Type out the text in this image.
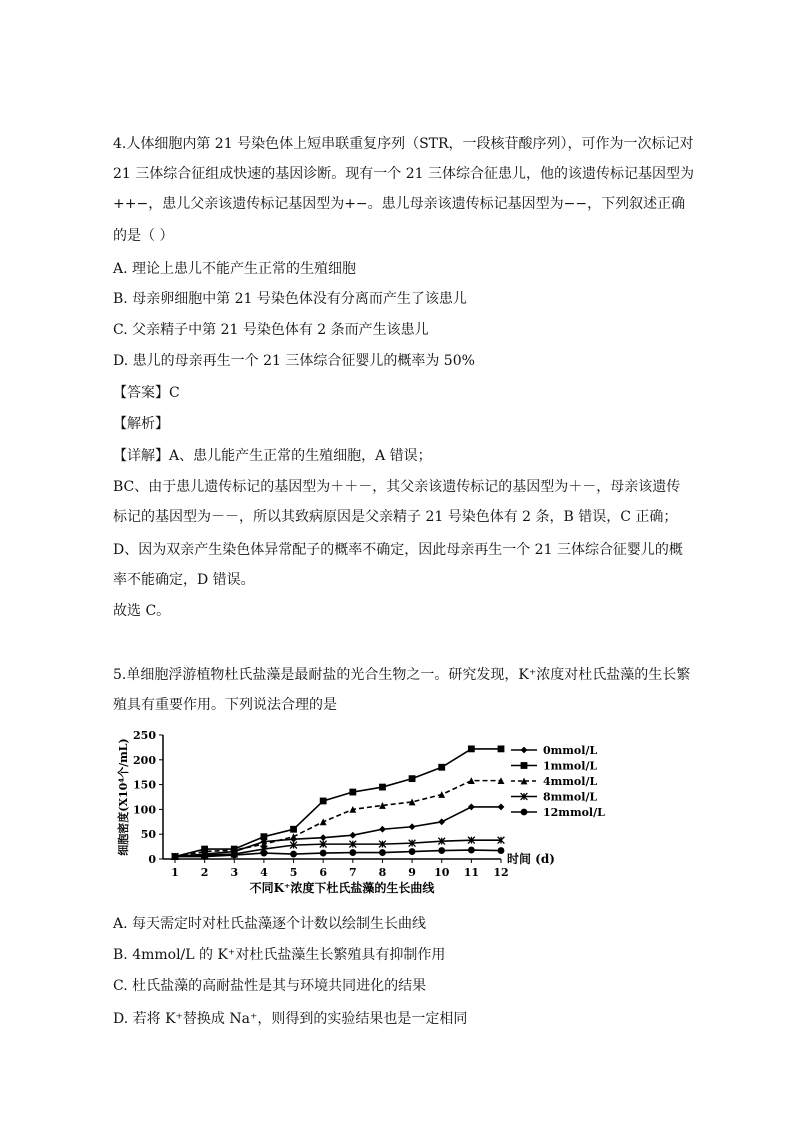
4.人体细胞内第 21 号染色体上短串联重复序列（STR，一段核苷酸序列），可作为一次标记对
21 三体综合征组成快速的基因诊断。现有一个 21 三体综合征患儿，他的该遗传标记基因型为
++−，患儿父亲该遗传标记基因型为+−。患儿母亲该遗传标记基因型为−−，下列叙述正确
的是（ ）
A. 理论上患儿不能产生正常的生殖细胞
B. 母亲卵细胞中第 21 号染色体没有分离而产生了该患儿
C. 父亲精子中第 21 号染色体有 2 条而产生该患儿
D. 患儿的母亲再生一个 21 三体综合征婴儿的概率为 50%
【答案】C
【解析】
【详解】A、患儿能产生正常的生殖细胞，A 错误；
BC、由于患儿遗传标记的基因型为＋＋－，其父亲该遗传标记的基因型为＋－，母亲该遗传
标记的基因型为－－，所以其致病原因是父亲精子 21 号染色体有 2 条，B 错误，C 正确；
D、因为双亲产生染色体异常配子的概率不确定，因此母亲再生一个 21 三体综合征婴儿的概
率不能确定，D 错误。
故选 C。
5.单细胞浮游植物杜氏盐藻是最耐盐的光合生物之一。研究发现，K⁺浓度对杜氏盐藻的生长繁
殖具有重要作用。下列说法合理的是
0
50
100
150
200
250
1 2 3 4 5 6 7 8 9 10 11 12
细胞密度(X10⁴个/mL)
时间 (d)
不同K⁺浓度下杜氏盐藻的生长曲线
0mmol/L
1mmol/L
4mmol/L
8mmol/L
12mmol/L
A. 每天需定时对杜氏盐藻逐个计数以绘制生长曲线
B. 4mmol/L 的 K⁺对杜氏盐藻生长繁殖具有抑制作用
C. 杜氏盐藻的高耐盐性是其与环境共同进化的结果
D. 若将 K⁺替换成 Na⁺，则得到的实验结果也是一定相同
